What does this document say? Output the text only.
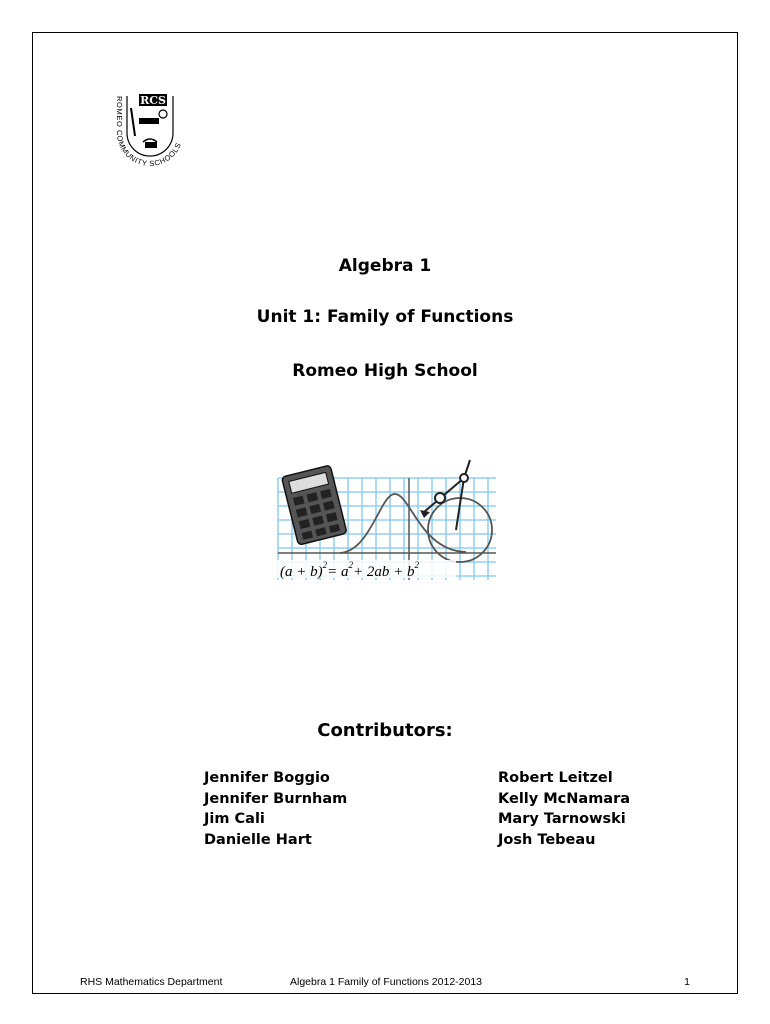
ROMEO COMMUNITY SCHOOLS
RCS
Algebra 1
Unit 1: Family of Functions
Romeo High School
$(a + b)^2= a^2+ 2ab + b^2$
Contributors:
Jennifer Boggio
Jennifer Burnham
Jim Cali
Danielle Hart
Robert Leitzel
Kelly McNamara
Mary Tarnowski
Josh Tebeau
RHS Mathematics Department	Algebra 1 Family of Functions 2012-2013	1
